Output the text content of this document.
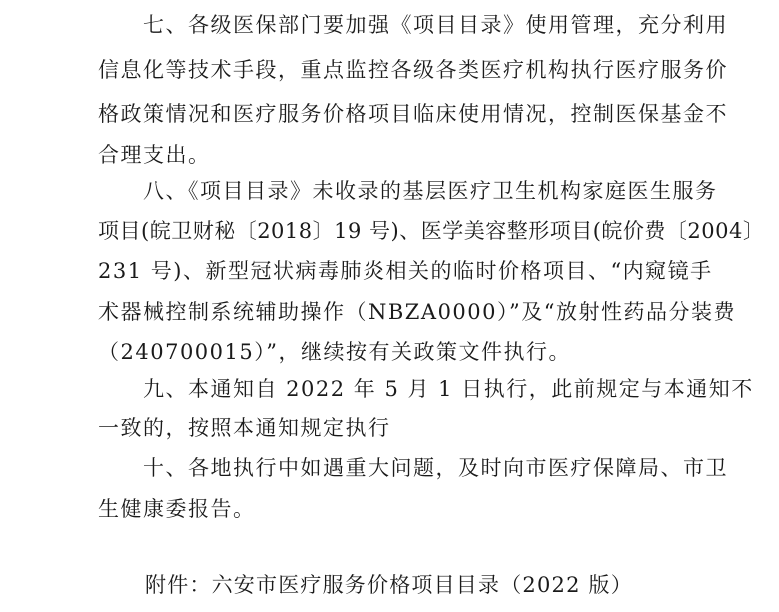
　　七、各级医保部门要加强《项目目录》使用管理，充分利用
信息化等技术手段，重点监控各级各类医疗机构执行医疗服务价
格政策情况和医疗服务价格项目临床使用情况，控制医保基金不
合理支出。
　　八、《项目目录》未收录的基层医疗卫生机构家庭医生服务
项目(皖卫财秘〔2018〕19 号)、医学美容整形项目(皖价费〔2004〕
231 号)、新型冠状病毒肺炎相关的临时价格项目、“内窥镜手
术器械控制系统辅助操作（NBZA0000）”及“放射性药品分装费
（240700015）”，继续按有关政策文件执行。
　　九、本通知自 2022 年 5 月 1 日执行，此前规定与本通知不
一致的，按照本通知规定执行
　　十、各地执行中如遇重大问题，及时向市医疗保障局、市卫
生健康委报告。
附件：六安市医疗服务价格项目目录（2022 版）
